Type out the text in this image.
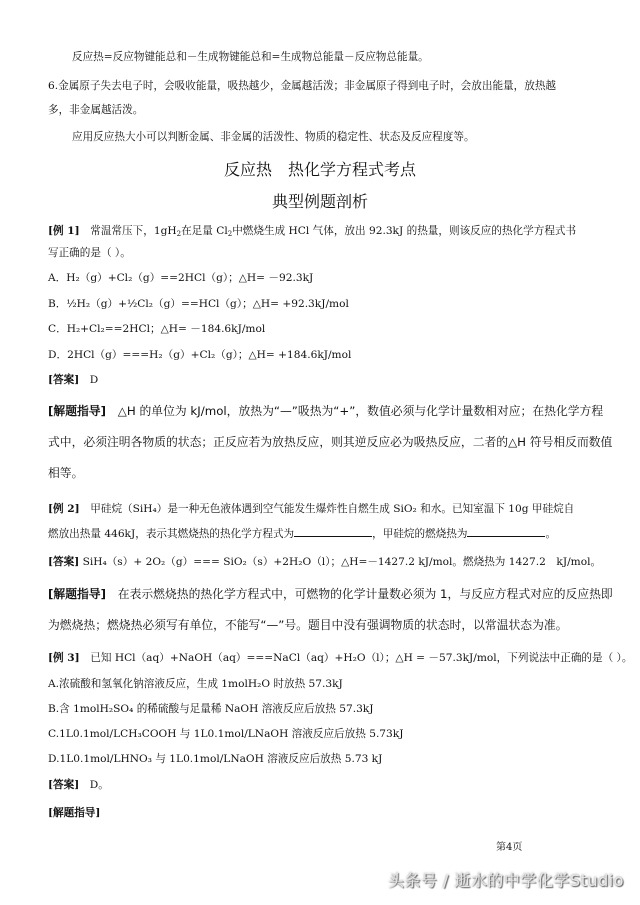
反应热=反应物键能总和－生成物键能总和=生成物总能量－反应物总能量。
6.金属原子失去电子时，会吸收能量，吸热越少，金属越活泼；非金属原子得到电子时，会放出能量，放热越
多，非金属越活泼。
应用反应热大小可以判断金属、非金属的活泼性、物质的稳定性、状态及反应程度等。
反应热　热化学方程式考点
典型例题剖析
[例 1]　常温常压下，$1gH_2$在足量 $Cl_2$中燃烧生成 HCl 气体，放出 92.3kJ 的热量，则该反应的热化学方程式书
写正确的是（ ）。
A．H₂（g）+Cl₂（g）==2HCl（g）；△H= －92.3kJ
B．½H₂（g）+½Cl₂（g）==HCl（g）；△H= +92.3kJ/mol
C．H₂+Cl₂==2HCl；△H= －184.6kJ/mol
D．2HCl（g）===H₂（g）+Cl₂（g）；△H= +184.6kJ/mol
[答案]　D
[解题指导]　△H 的单位为 kJ/mol，放热为“—”吸热为“+”，数值必须与化学计量数相对应；在热化学方程
式中，必须注明各物质的状态；正反应若为放热反应，则其逆反应必为吸热反应，二者的△H 符号相反而数值
相等。
[例 2]　甲硅烷（SiH₄）是一种无色液体遇到空气能发生爆炸性自燃生成 SiO₂ 和水。已知室温下 10g 甲硅烷自
燃放出热量 446kJ，表示其燃烧热的热化学方程式为	，甲硅烷的燃烧热为	。
[答案] SiH₄（s）+ 2O₂（g）=== SiO₂（s）+2H₂O（l）；△H=－1427.2 kJ/mol。燃烧热为 1427.2　kJ/mol。
[解题指导]　在表示燃烧热的热化学方程式中，可燃物的化学计量数必须为 1，与反应方程式对应的反应热即
为燃烧热；燃烧热必须写有单位，不能写“—”号。题目中没有强调物质的状态时，以常温状态为准。
[例 3]　已知 HCl（aq）+NaOH（aq）===NaCl（aq）+H₂O（l）；△H = －57.3kJ/mol，下列说法中正确的是（ ）。
A.浓硫酸和氢氧化钠溶液反应，生成 1molH₂O 时放热 57.3kJ
B.含 1molH₂SO₄ 的稀硫酸与足量稀 NaOH 溶液反应后放热 57.3kJ
C.1L0.1mol/LCH₃COOH 与 1L0.1mol/LNaOH 溶液反应后放热 5.73kJ
D.1L0.1mol/LHNO₃ 与 1L0.1mol/LNaOH 溶液反应后放热 5.73 kJ
[答案]　D。
[解题指导]
第4页
头条号 / 逝水的中学化学Studio
